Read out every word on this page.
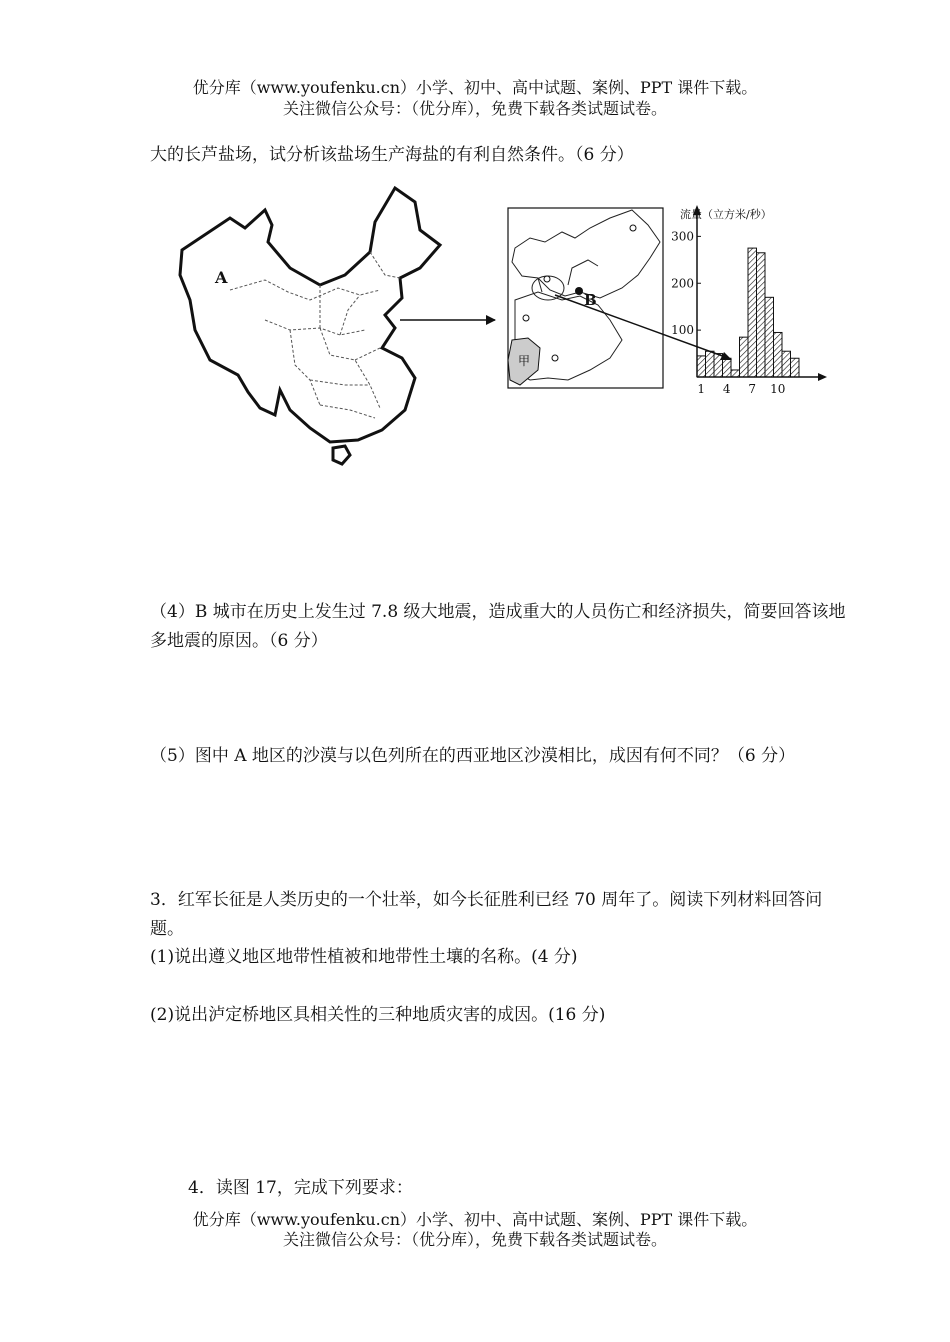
优分库（www.youfenku.cn）小学、初中、高中试题、案例、PPT 课件下载。
关注微信公众号：（优分库），免费下载各类试题试卷。
大的长芦盐场，试分析该盐场生产海盐的有利自然条件。（6 分）
A
B
甲
100
200
300
1 4 7 10
流量（立方米/秒）
（4）B 城市在历史上发生过 7.8 级大地震，造成重大的人员伤亡和经济损失，简要回答该地多地震的原因。（6 分）
（5）图中 A 地区的沙漠与以色列所在的西亚地区沙漠相比，成因有何不同？（6 分）
3．红军长征是人类历史的一个壮举，如今长征胜利已经 70 周年了。阅读下列材料回答问题。
(1)说出遵义地区地带性植被和地带性土壤的名称。(4 分)
(2)说出泸定桥地区具相关性的三种地质灾害的成因。(16 分)
4．读图 17，完成下列要求：
优分库（www.youfenku.cn）小学、初中、高中试题、案例、PPT 课件下载。
关注微信公众号：（优分库），免费下载各类试题试卷。
